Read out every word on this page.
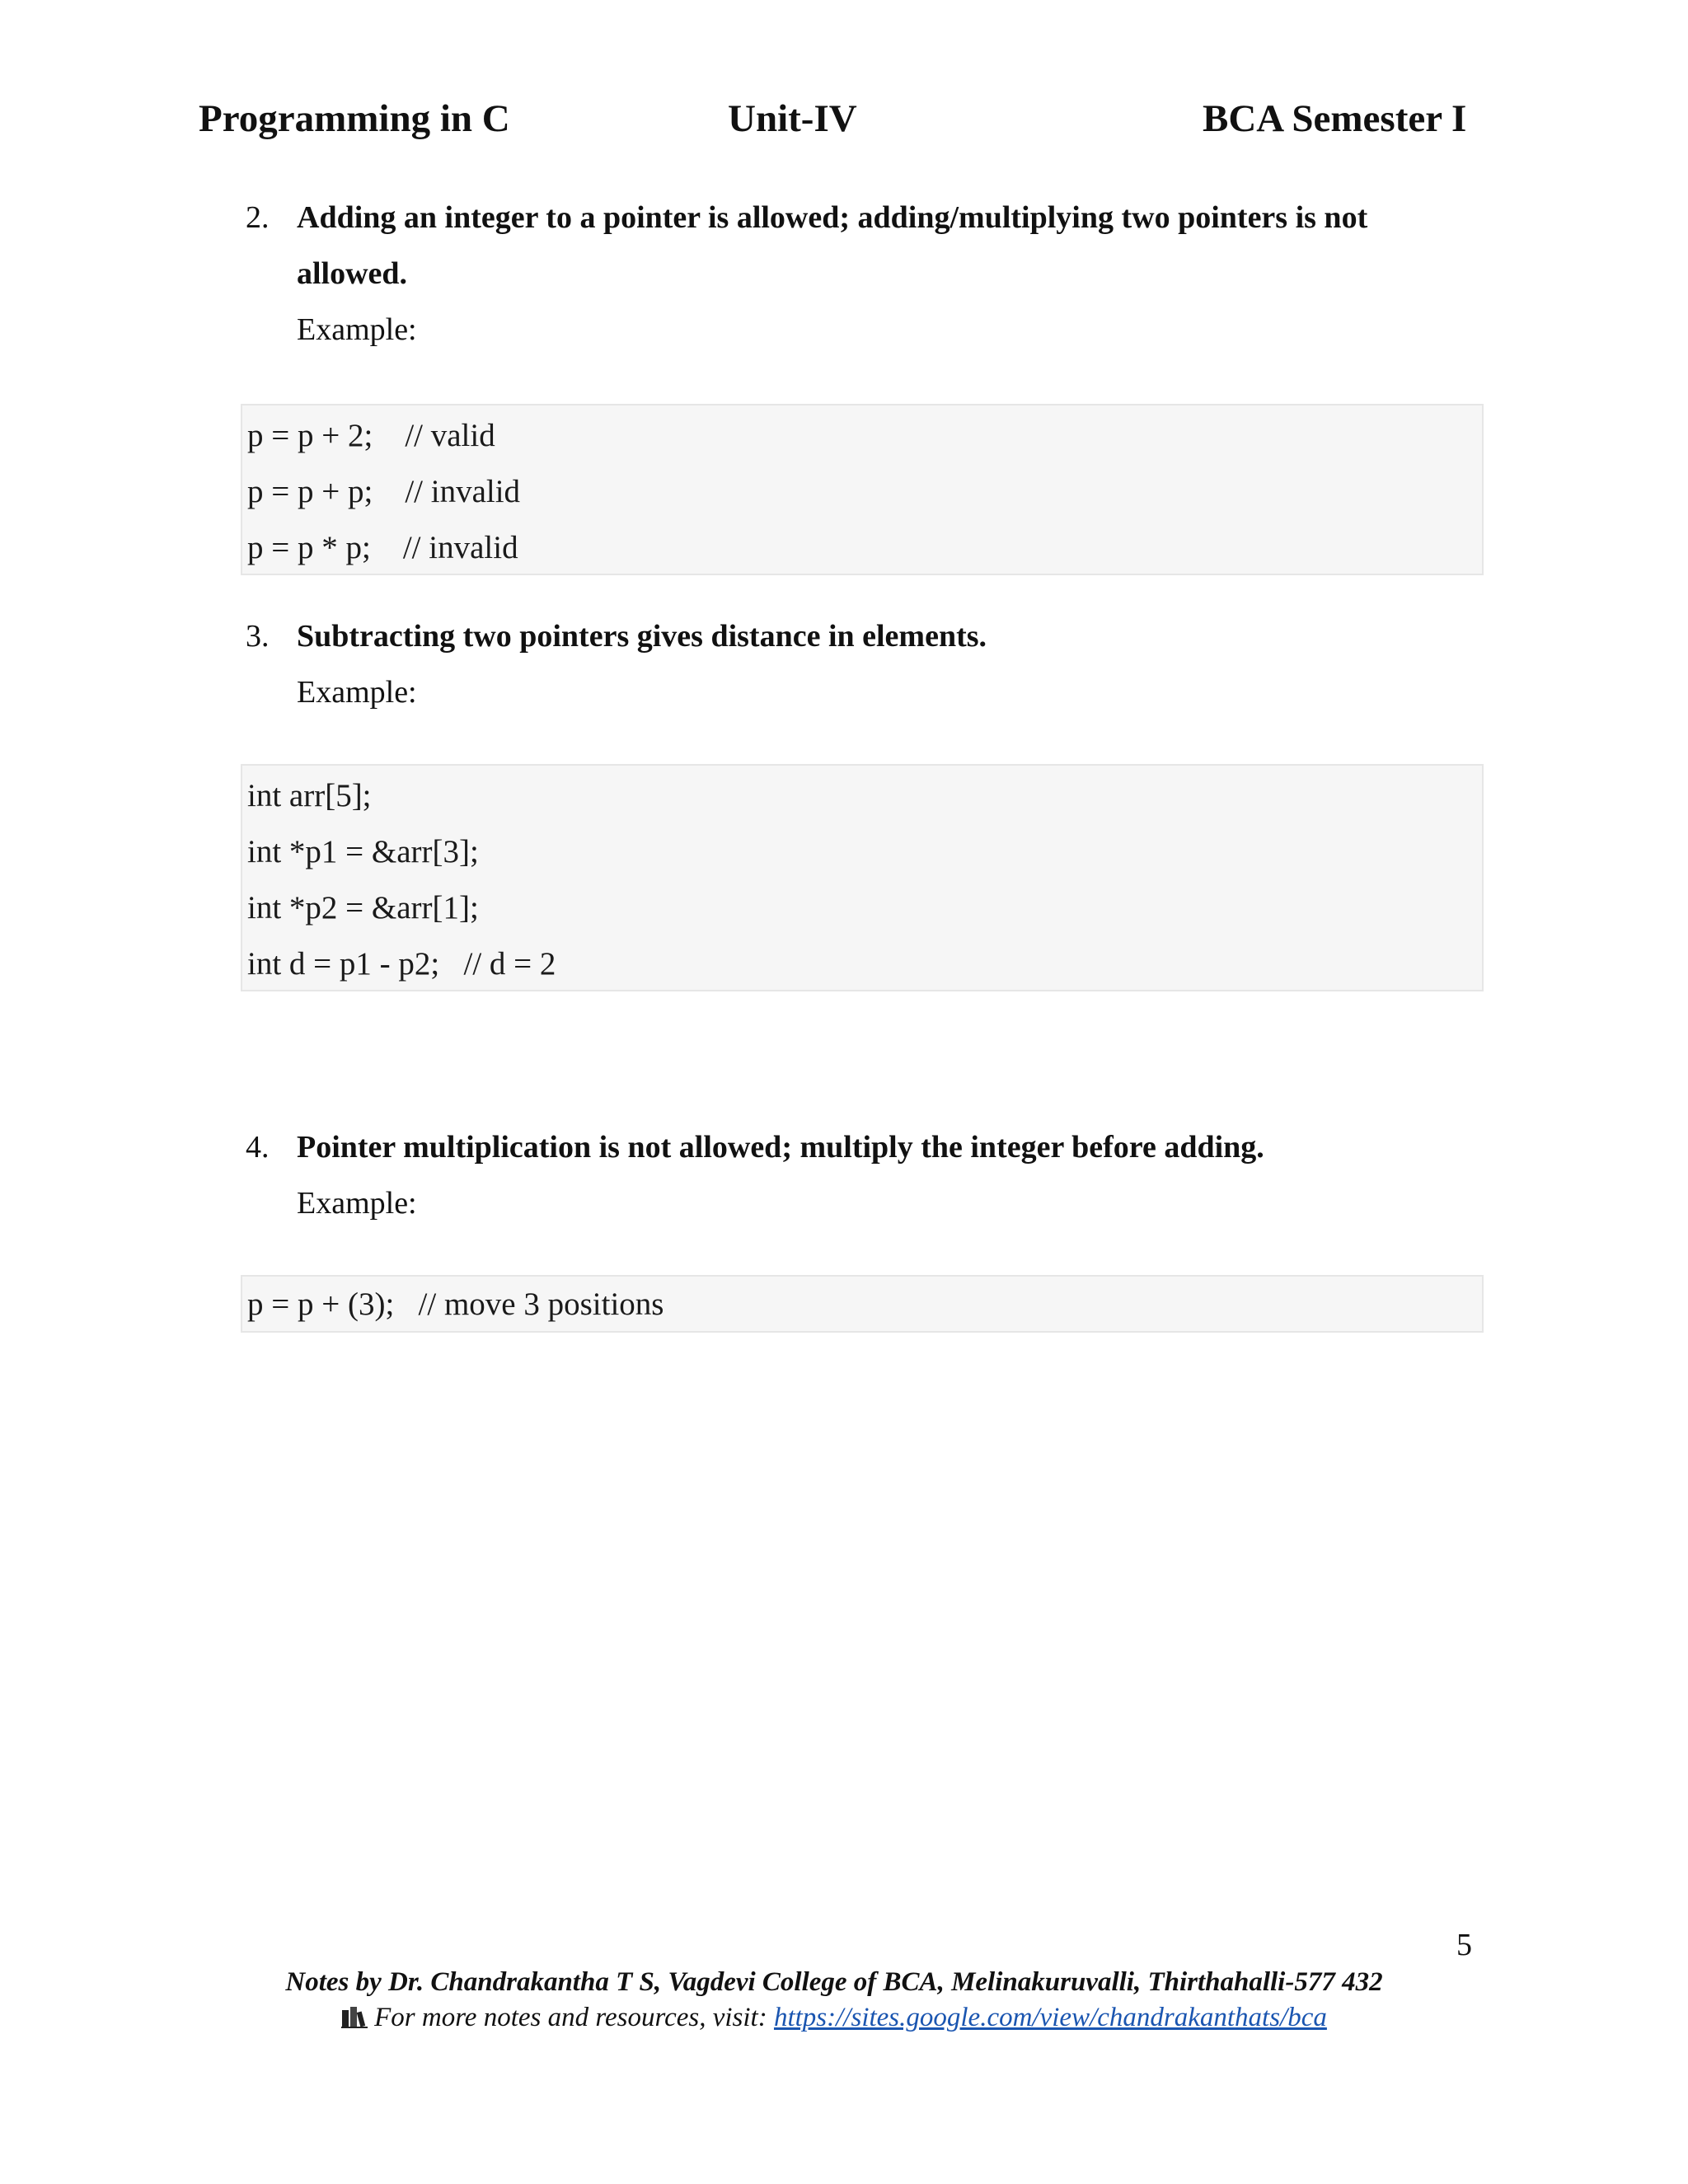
Programming in C	Unit-IV	BCA Semester I
2. Adding an integer to a pointer is allowed; adding/multiplying two pointers is not allowed.
Example:
p = p + 2;    // valid
p = p + p;    // invalid
p = p * p;    // invalid
3. Subtracting two pointers gives distance in elements.
Example:
int arr[5];
int *p1 = &arr[3];
int *p2 = &arr[1];
int d = p1 - p2;   // d = 2
4. Pointer multiplication is not allowed; multiply the integer before adding.
Example:
p = p + (3);   // move 3 positions
5
Notes by Dr. Chandrakantha T S, Vagdevi College of BCA, Melinakuruvalli, Thirthahalli-577 432
For more notes and resources, visit: https://sites.google.com/view/chandrakanthats/bca
